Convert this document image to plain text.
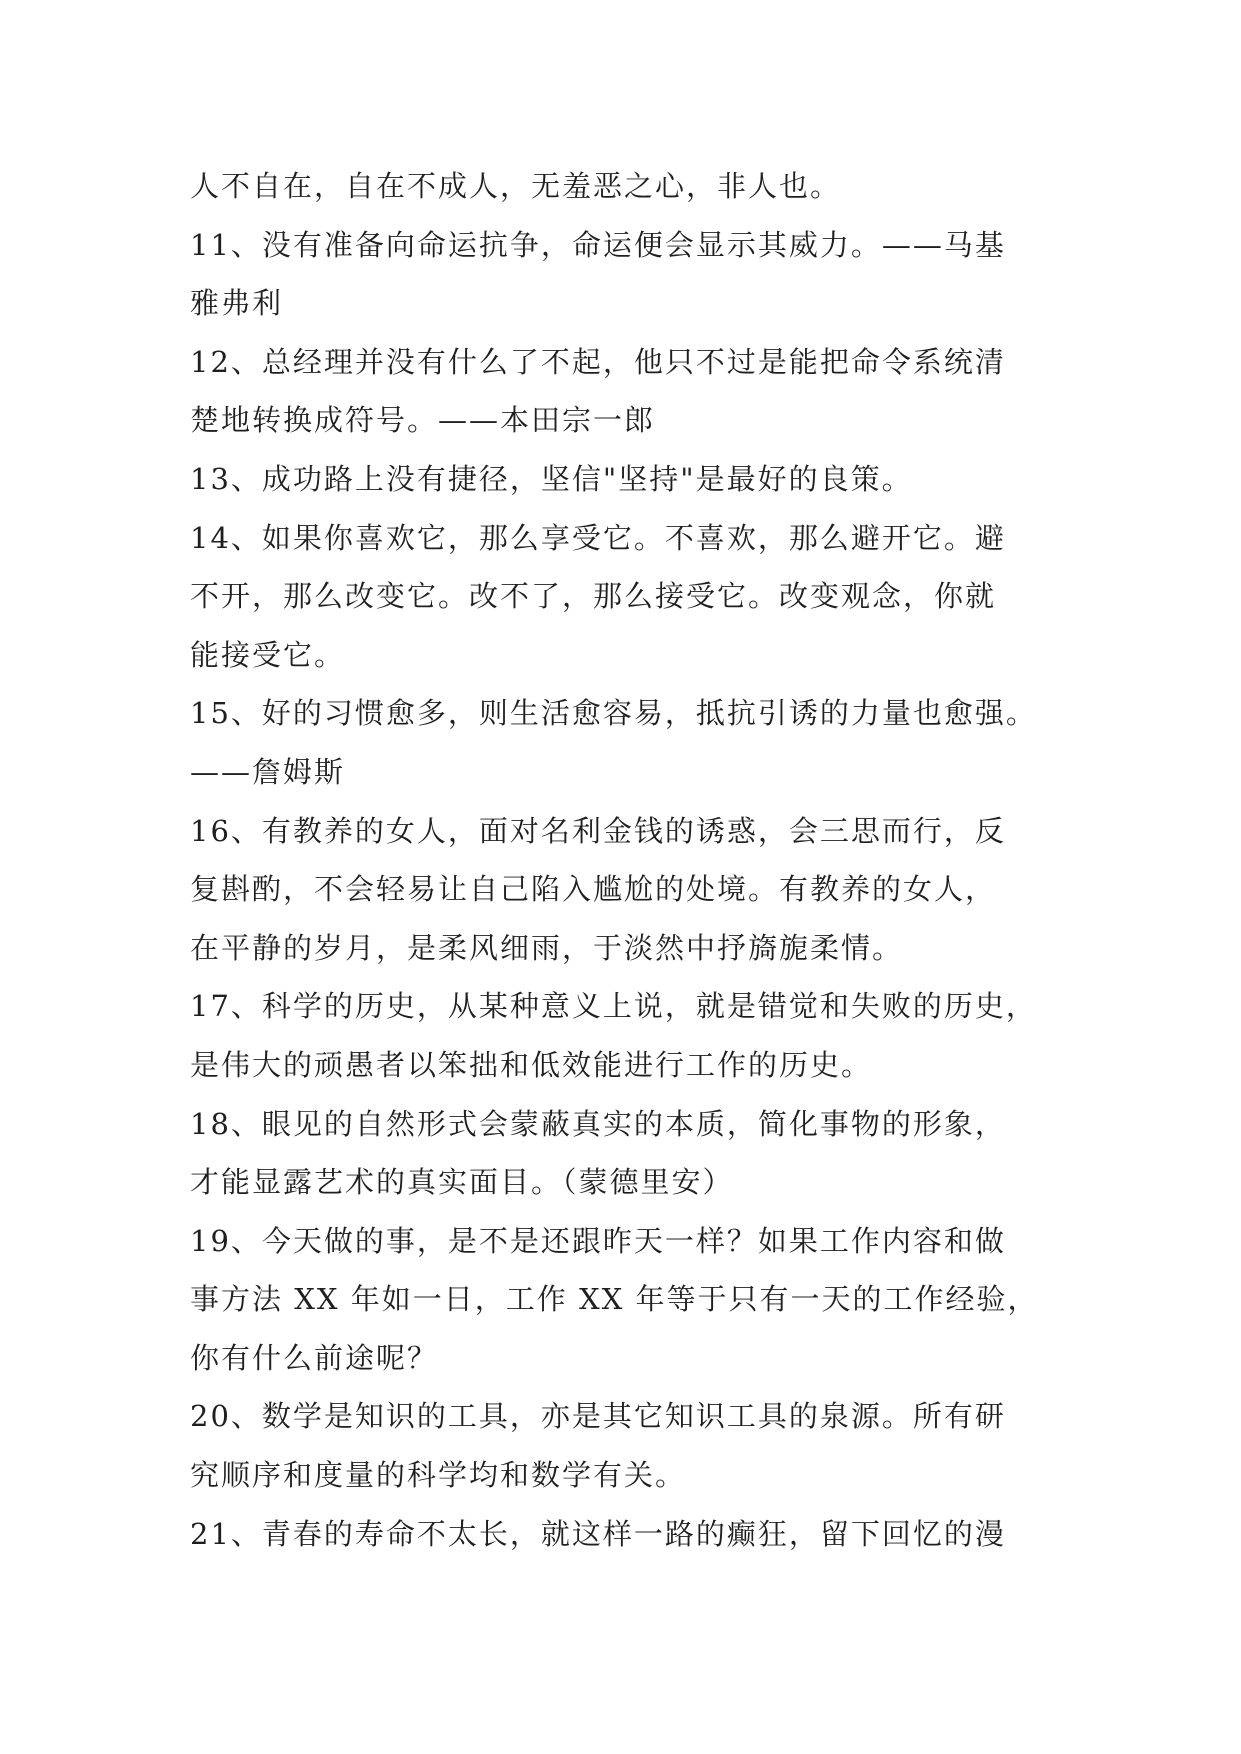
人不自在，自在不成人，无羞恶之心，非人也。

11、没有准备向命运抗争，命运便会显示其威力。——马基

雅弗利

12、总经理并没有什么了不起，他只不过是能把命令系统清

楚地转换成符号。——本田宗一郎

13、成功路上没有捷径，坚信"坚持"是最好的良策。

14、如果你喜欢它，那么享受它。不喜欢，那么避开它。避

不开，那么改变它。改不了，那么接受它。改变观念，你就

能接受它。

15、好的习惯愈多，则生活愈容易，抵抗引诱的力量也愈强。

——詹姆斯

16、有教养的女人，面对名利金钱的诱惑，会三思而行，反

复斟酌，不会轻易让自己陷入尴尬的处境。有教养的女人，

在平静的岁月，是柔风细雨，于淡然中抒旖旎柔情。

17、科学的历史，从某种意义上说，就是错觉和失败的历史，

是伟大的顽愚者以笨拙和低效能进行工作的历史。

18、眼见的自然形式会蒙蔽真实的本质，简化事物的形象，

才能显露艺术的真实面目。（蒙德里安）

19、今天做的事，是不是还跟昨天一样？如果工作内容和做

事方法 XX 年如一日，工作 XX 年等于只有一天的工作经验，

你有什么前途呢？

20、数学是知识的工具，亦是其它知识工具的泉源。所有研

究顺序和度量的科学均和数学有关。

21、青春的寿命不太长，就这样一路的癫狂，留下回忆的漫
